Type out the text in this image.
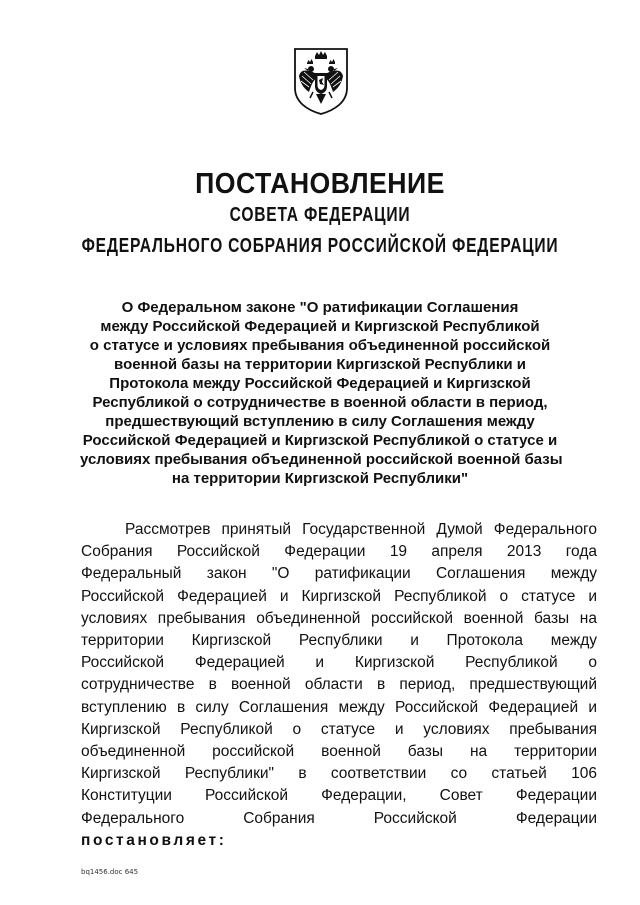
ПОСТАНОВЛЕНИЕ
СОВЕТА ФЕДЕРАЦИИ
ФЕДЕРАЛЬНОГО СОБРАНИЯ РОССИЙСКОЙ ФЕДЕРАЦИИ
О Федеральном законе "О ратификации Соглашения
между Российской Федерацией и Киргизской Республикой
о статусе и условиях пребывания объединенной российской
военной базы на территории Киргизской Республики и
Протокола между Российской Федерацией и Киргизской
Республикой о сотрудничестве в военной области в период,
предшествующий вступлению в силу Соглашения между
Российской Федерацией и Киргизской Республикой о статусе и
условиях пребывания объединенной российской военной базы
на территории Киргизской Республики"
Рассмотрев принятый Государственной Думой Федерального
Собрания Российской Федерации 19 апреля 2013 года
Федеральный закон "О ратификации Соглашения между
Российской Федерацией и Киргизской Республикой о статусе и
условиях пребывания объединенной российской военной базы на
территории Киргизской Республики и Протокола между
Российской Федерацией и Киргизской Республикой о
сотрудничестве в военной области в период, предшествующий
вступлению в силу Соглашения между Российской Федерацией и
Киргизской Республикой о статусе и условиях пребывания
объединенной российской военной базы на территории
Киргизской Республики" в соответствии со статьей 106
Конституции Российской Федерации, Совет Федерации
Федерального Собрания Российской Федерации
постановляет:
bq1456.doc 645
